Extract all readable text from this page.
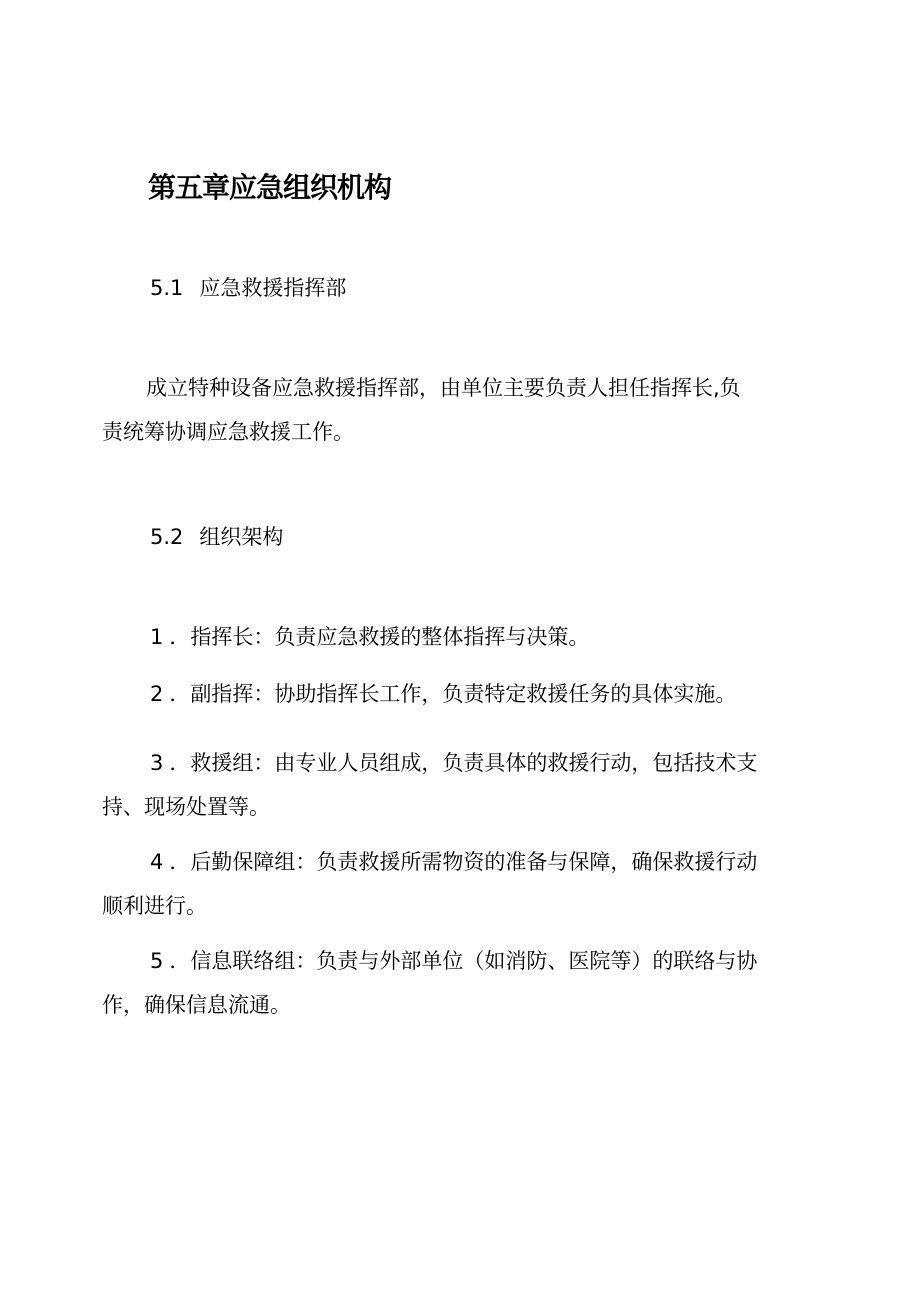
第五章应急组织机构
5.1 应急救援指挥部
成立特种设备应急救援指挥部，由单位主要负责人担任指挥长,负
责统筹协调应急救援工作。
5.2 组织架构
1 ．指挥长：负责应急救援的整体指挥与决策。
2 ．副指挥：协助指挥长工作，负责特定救援任务的具体实施。
3 ．救援组：由专业人员组成，负责具体的救援行动，包括技术支
持、现场处置等。
4 ．后勤保障组：负责救援所需物资的准备与保障，确保救援行动
顺利进行。
5 ．信息联络组：负责与外部单位（如消防、医院等）的联络与协
作，确保信息流通。
